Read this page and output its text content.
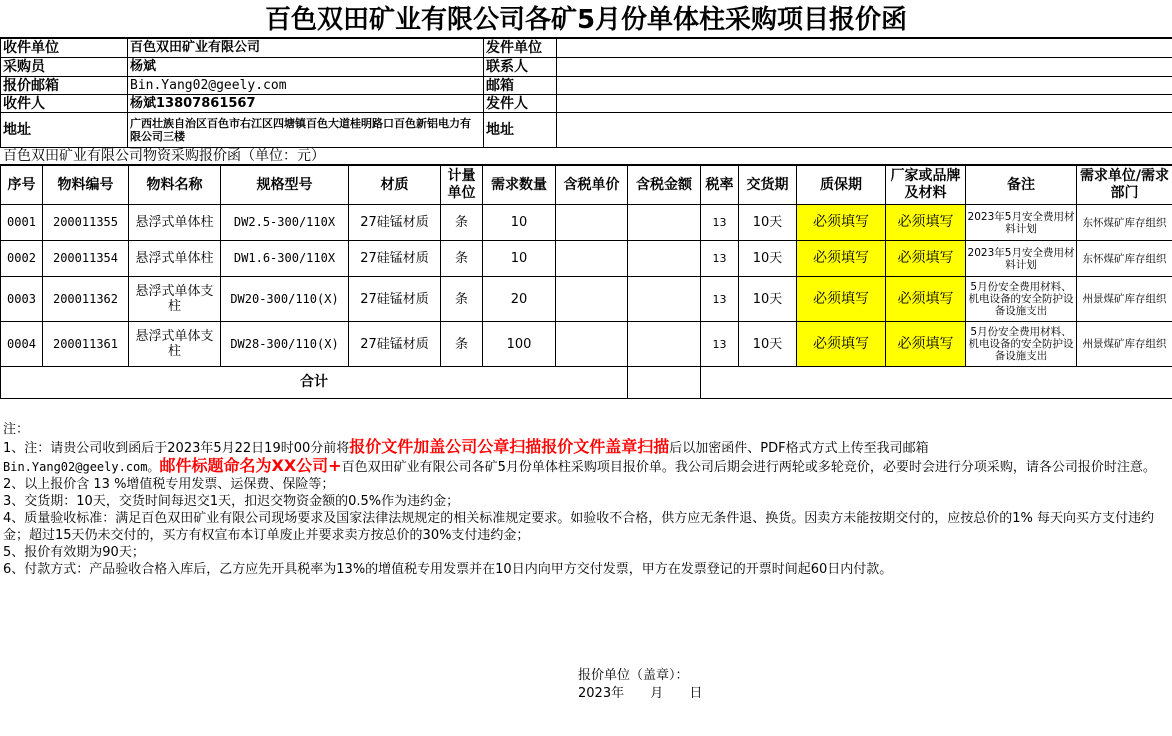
百色双田矿业有限公司各矿5月份单体柱采购项目报价函
收件单位	百色双田矿业有限公司	发件单位	
采购员	杨斌	联系人	
报价邮箱	Bin.Yang02@geely.com	邮箱	
收件人	杨斌13807861567	发件人	
地址	广西壮族自治区百色市右江区四塘镇百色大道桂明路口百色新铝电力有限公司三楼	地址	
百色双田矿业有限公司物资采购报价函（单位：元）
序号	物料编号	物料名称	规格型号	材质	计量单位	需求数量	含税单价	含税金额	税率	交货期	质保期	厂家或品牌及材料	备注	需求单位/需求部门
0001	200011355	悬浮式单体柱	DW2.5-300/110X	27硅锰材质	条	10			13	10天	必须填写	必须填写	2023年5月安全费用材料计划	东怀煤矿库存组织
0002	200011354	悬浮式单体柱	DW1.6-300/110X	27硅锰材质	条	10			13	10天	必须填写	必须填写	2023年5月安全费用材料计划	东怀煤矿库存组织
0003	200011362	悬浮式单体支柱	DW20-300/110(X)	27硅锰材质	条	20			13	10天	必须填写	必须填写	5月份安全费用材料、机电设备的安全防护设备设施支出	州景煤矿库存组织
0004	200011361	悬浮式单体支柱	DW28-300/110(X)	27硅锰材质	条	100			13	10天	必须填写	必须填写	5月份安全费用材料、机电设备的安全防护设备设施支出	州景煤矿库存组织
合计														

注：

1、注：请贵公司收到函后于2023年5月22日19时00分前将报价文件加盖公司公章扫描报价文件盖章扫描后以加密函件、PDF格式方式上传至我司邮箱

Bin.Yang02@geely.com。邮件标题命名为XX公司+百色双田矿业有限公司各矿5月份单体柱采购项目报价单。我公司后期会进行两轮或多轮竞价，必要时会进行分项采购，请各公司报价时注意。

2、以上报价含 13 %增值税专用发票、运保费、保险等；

3、交货期：10天，交货时间每迟交1天，扣迟交物资金额的0.5%作为违约金；

4、质量验收标准：满足百色双田矿业有限公司现场要求及国家法律法规规定的相关标准规定要求。如验收不合格，供方应无条件退、换货。因卖方未能按期交付的，应按总价的1% 每天向买方支付违约金；超过15天仍未交付的，买方有权宣布本订单废止并要求卖方按总价的30%支付违约金；

5、报价有效期为90天；

6、付款方式：产品验收合格入库后，乙方应先开具税率为13%的增值税专用发票并在10日内向甲方交付发票，甲方在发票登记的开票时间起60日内付款。

报价单位（盖章）：
2023年 月 日
